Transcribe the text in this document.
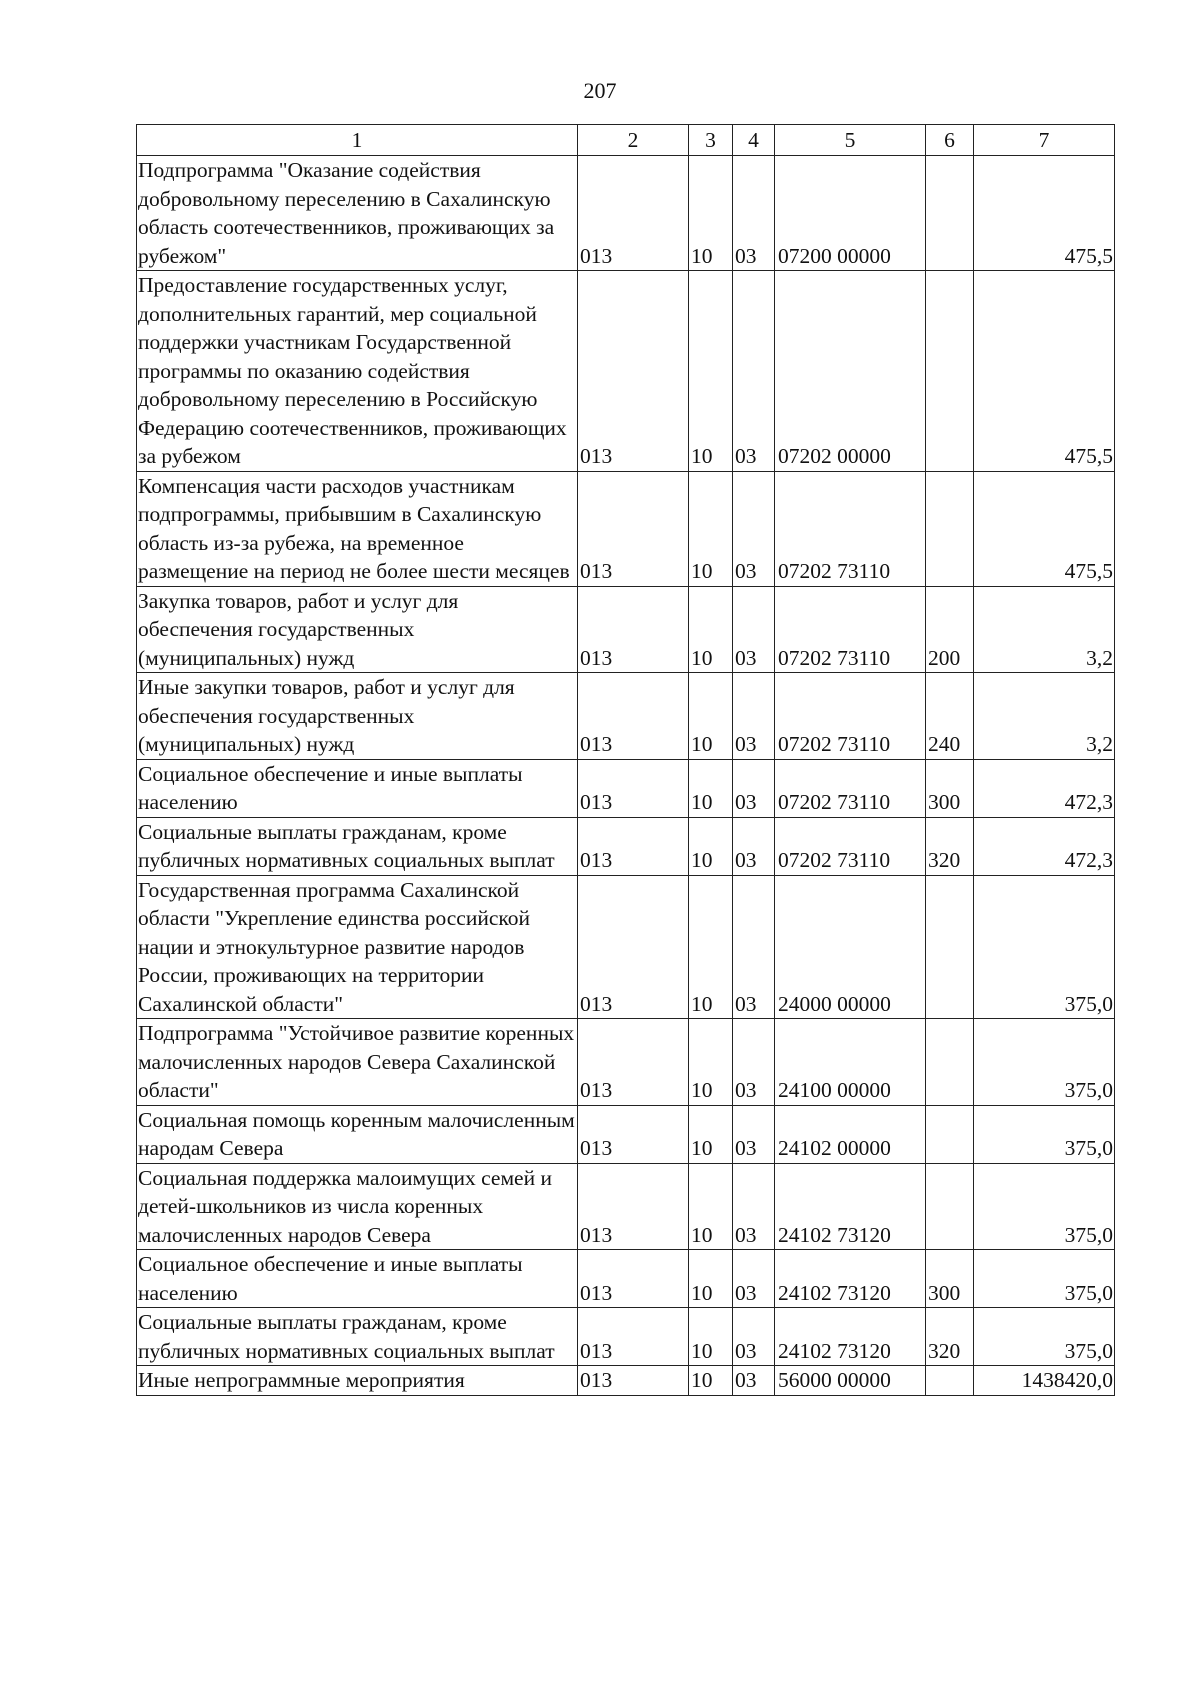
207
1	2	3	4	5	6	7
Подпрограмма "Оказание содействия добровольному переселению в Сахалинскую область соотечественников, проживающих за рубежом"	013	10	03	07200 00000		475,5
Предоставление государственных услуг, дополнительных гарантий, мер социальной поддержки участникам Государственной программы по оказанию содействия добровольному переселению в Российскую Федерацию соотечественников, проживающих за рубежом	013	10	03	07202 00000		475,5
Компенсация части расходов участникам подпрограммы, прибывшим в Сахалинскую область из-за рубежа, на временное размещение на период не более шести месяцев	013	10	03	07202 73110		475,5
Закупка товаров, работ и услуг для обеспечения государственных (муниципальных) нужд	013	10	03	07202 73110	200	3,2
Иные закупки товаров, работ и услуг для обеспечения государственных (муниципальных) нужд	013	10	03	07202 73110	240	3,2
Социальное обеспечение и иные выплаты населению	013	10	03	07202 73110	300	472,3
Социальные выплаты гражданам, кроме публичных нормативных социальных выплат	013	10	03	07202 73110	320	472,3
Государственная программа Сахалинской области "Укрепление единства российской нации и этнокультурное развитие народов России, проживающих на территории Сахалинской области"	013	10	03	24000 00000		375,0
Подпрограмма "Устойчивое развитие коренных малочисленных народов Севера Сахалинской области"	013	10	03	24100 00000		375,0
Социальная помощь коренным малочисленным народам Севера	013	10	03	24102 00000		375,0
Социальная поддержка малоимущих семей и детей-школьников из числа коренных малочисленных народов Севера	013	10	03	24102 73120		375,0
Социальное обеспечение и иные выплаты населению	013	10	03	24102 73120	300	375,0
Социальные выплаты гражданам, кроме публичных нормативных социальных выплат	013	10	03	24102 73120	320	375,0
Иные непрограммные мероприятия	013	10	03	56000 00000		1438420,0
